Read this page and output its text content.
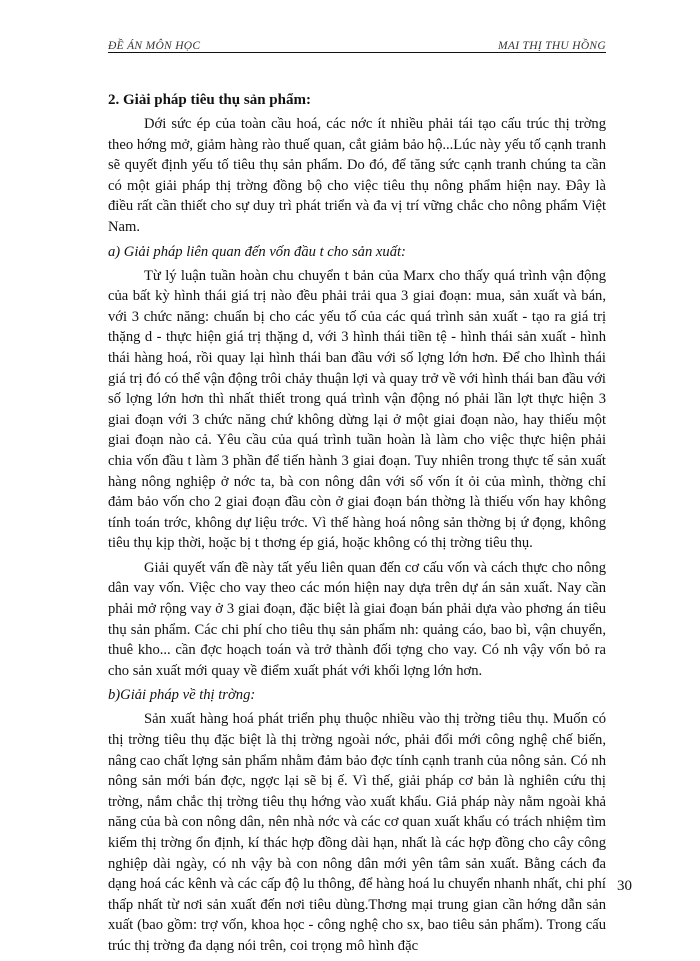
ĐỀ ÁN MÔN HỌC	MAI THỊ THU HỒNG

2. Giải pháp tiêu thụ sản phẩm:

Dới sức ép của toàn cầu hoá, các nớc ít nhiều phải tái tạo cấu trúc thị trờng theo hớng mở, giảm hàng rào thuế quan, cắt giảm bảo hộ...Lúc này yếu tố cạnh tranh sẽ quyết định yếu tố tiêu thụ sản phẩm. Do đó, để tăng sức cạnh tranh chúng ta cần có một giải pháp thị trờng đồng bộ cho việc tiêu thụ nông phẩm hiện nay. Đây là điều rất cần thiết cho sự duy trì phát triển và đa vị trí vững chắc cho nông phẩm Việt Nam.

a) Giải pháp liên quan đến vốn đầu t cho sản xuất:

Từ lý luận tuần hoàn chu chuyển t bản của Marx cho thấy quá trình vận động của bất kỳ hình thái giá trị nào đều phải trải qua 3 giai đoạn: mua, sản xuất và bán, với 3 chức năng: chuẩn bị cho các yếu tố của các quá trình sản xuất - tạo ra giá trị thặng d - thực hiện giá trị thặng d, với 3 hình thái tiền tệ - hình thái sản xuất - hình thái hàng hoá, rồi quay lại hình thái ban đầu với số lợng lớn hơn. Để cho lhình thái giá trị đó có thể vận động trôi chảy thuận lợi và quay trở về với hình thái ban đầu với số lợng lớn hơn thì nhất thiết trong quá trình vận động nó phải lần lợt thực hiện 3 giai đoạn với 3 chức năng chứ không dừng lại ở một giai đoạn nào, hay thiếu một giai đoạn nào cả. Yêu cầu của quá trình tuần hoàn là làm cho việc thực hiện phải chia vốn đầu t làm 3 phần để tiến hành 3 giai đoạn. Tuy nhiên trong thực tế sản xuất hàng nông nghiệp ở nớc ta, bà con nông dân với số vốn ít ỏi của mình, thờng chỉ đảm bảo vốn cho 2 giai đoạn đầu còn ở giai đoạn bán thờng là thiếu vốn hay không tính toán trớc, không dự liệu trớc. Vì thế hàng hoá nông sản thờng bị ứ đọng, không tiêu thụ kịp thời, hoặc bị t thơng ép giá, hoặc không có thị trờng tiêu thụ.

Giải quyết vấn đề này tất yếu liên quan đến cơ cấu vốn và cách thực cho nông dân vay vốn. Việc cho vay theo các món hiện nay dựa trên dự án sản xuất. Nay cần phải mở rộng vay ở 3 giai đoạn, đặc biệt là giai đoạn bán phải dựa vào phơng án tiêu thụ sản phẩm. Các chi phí cho tiêu thụ sản phẩm nh: quảng cáo, bao bì, vận chuyển, thuê kho... cần đợc hoạch toán và trở thành đối tợng cho vay. Có nh vậy vốn bỏ ra cho sản xuất mới quay về điểm xuất phát với khối lợng lớn hơn.

b)Giải pháp về thị trờng:

Sản xuất hàng hoá phát triển phụ thuộc nhiều vào thị trờng tiêu thụ. Muốn có thị trờng tiêu thụ đặc biệt là thị trờng ngoài nớc, phải đổi mới công nghệ chế biến, nâng cao chất lợng sản phẩm nhằm đảm bảo đợc tính cạnh tranh của nông sản. Có nh nông sản mới bán đợc, ngợc lại sẽ bị ế. Vì thế, giải pháp cơ bản là nghiên cứu thị trờng, nắm chắc thị trờng tiêu thụ hớng vào xuất khẩu. Giả pháp này nằm ngoài khả năng của bà con nông dân, nên nhà nớc và các cơ quan xuất khẩu có trách nhiệm tìm kiếm thị trờng ổn định, kí thác hợp đồng dài hạn, nhất là các hợp đồng cho cây công nghiệp dài ngày, có nh vậy bà con nông dân mới yên tâm sản xuất. Bằng cách đa dạng hoá các kênh và các cấp độ lu thông, để hàng hoá lu chuyển nhanh nhất, chi phí thấp nhất từ nơi sản xuất đến nơi tiêu dùng.Thơng mại trung gian cần hớng dẫn sản xuất (bao gồm: trợ vốn, khoa học - công nghệ cho sx, bao tiêu sản phẩm). Trong cấu trúc thị trờng đa dạng nói trên, coi trọng mô hình đặc

30
